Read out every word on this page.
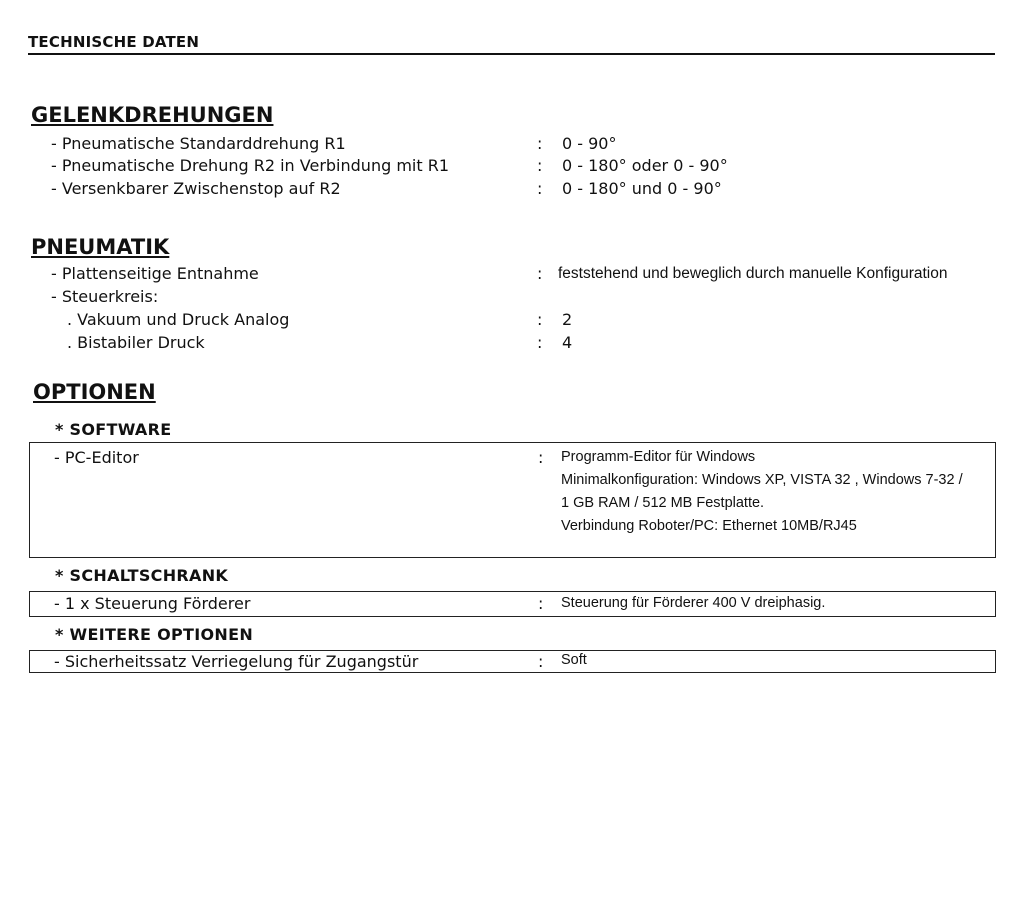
TECHNISCHE DATEN
GELENKDREHUNGEN
- Pneumatische Standarddrehung R1	: 0 - 90°
- Pneumatische Drehung R2 in Verbindung mit R1	: 0 - 180° oder 0 - 90°
- Versenkbarer Zwischenstop auf R2	: 0 - 180° und 0 - 90°
PNEUMATIK
- Plattenseitige Entnahme	: feststehend und beweglich durch manuelle Konfiguration
- Steuerkreis:
. Vakuum und Druck Analog	: 2
. Bistabiler Druck	: 4
OPTIONEN
* SOFTWARE
- PC-Editor	: Programm-Editor für Windows
Minimalkonfiguration: Windows XP, VISTA 32 , Windows 7-32 /
1 GB RAM / 512 MB Festplatte.
Verbindung Roboter/PC: Ethernet 10MB/RJ45
* SCHALTSCHRANK
- 1 x Steuerung Förderer	: Steuerung für Förderer 400 V dreiphasig.
* WEITERE OPTIONEN
- Sicherheitssatz Verriegelung für Zugangstür	: Soft
